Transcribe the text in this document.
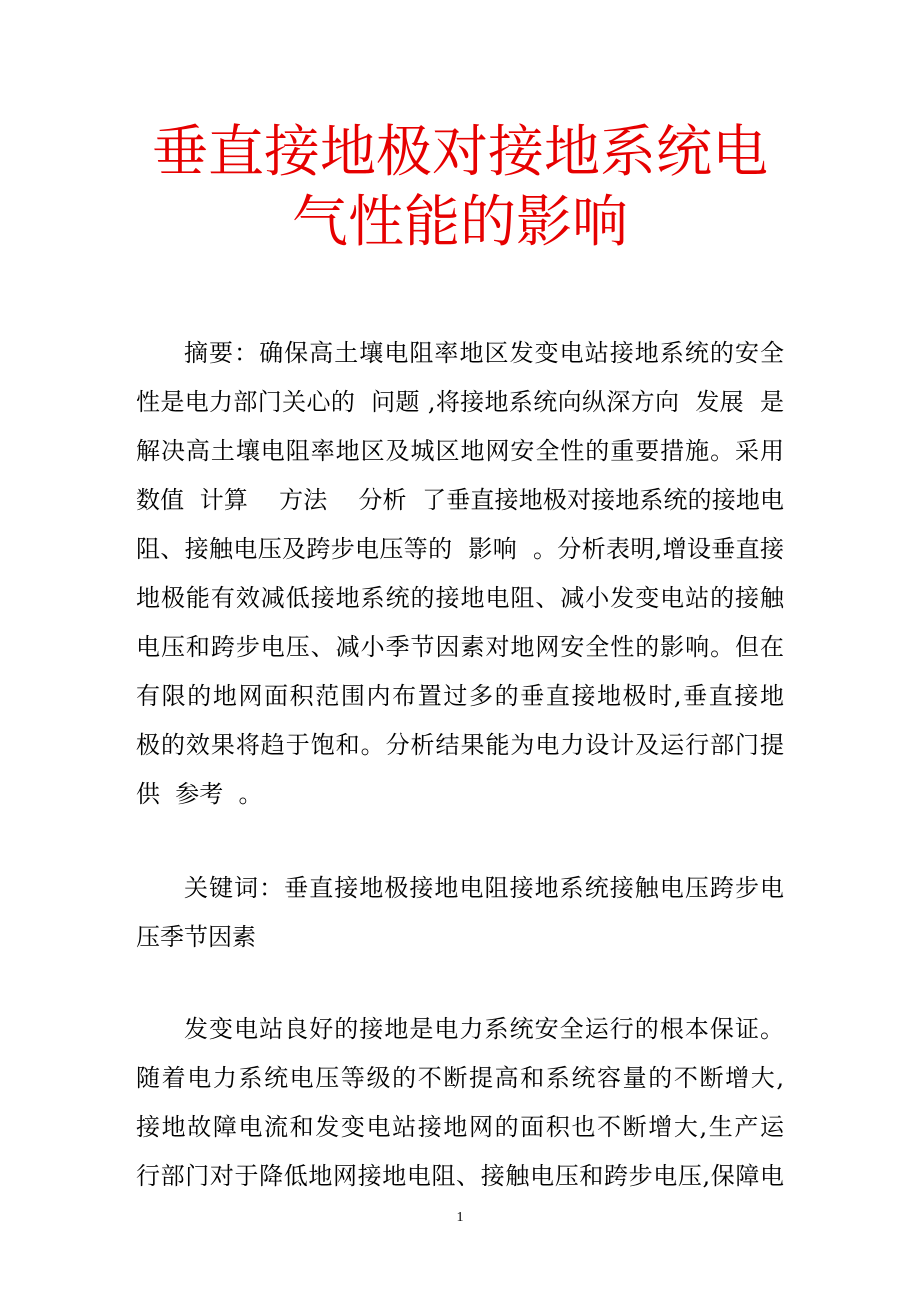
垂直接地极对接地系统电
气性能的影响

摘要：确保高土壤电阻率地区发变电站接地系统的安全

性是电力部门关心的  问题 ,将接地系统向纵深方向  发展  是

解决高土壤电阻率地区及城区地网安全性的重要措施。采用

数值  计算    方法    分析  了垂直接地极对接地系统的接地电

阻、接触电压及跨步电压等的  影响  。分析表明,增设垂直接

地极能有效减低接地系统的接地电阻、减小发变电站的接触

电压和跨步电压、减小季节因素对地网安全性的影响。但在

有限的地网面积范围内布置过多的垂直接地极时,垂直接地

极的效果将趋于饱和。分析结果能为电力设计及运行部门提

供  参考  。

关键词：垂直接地极接地电阻接地系统接触电压跨步电

压季节因素

发变电站良好的接地是电力系统安全运行的根本保证。

随着电力系统电压等级的不断提高和系统容量的不断增大,

接地故障电流和发变电站接地网的面积也不断增大,生产运

行部门对于降低地网接地电阻、接触电压和跨步电压,保障电

1
